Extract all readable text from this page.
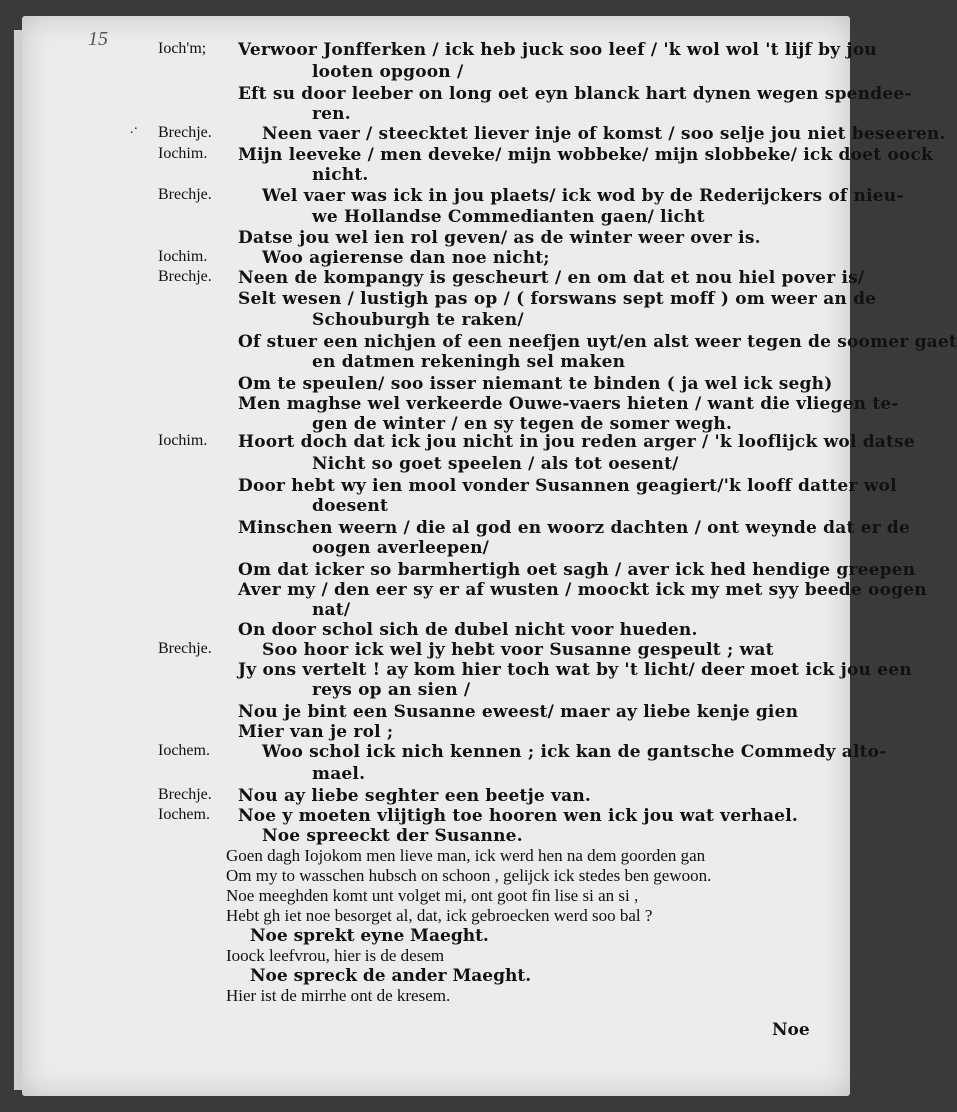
15
.·
Ioch'm;
Brechje.
Iochim.
Brechje.
Iochim.
Brechje.
Iochim.
Brechje.
Iochem.
Brechje.
Iochem.
Verwoor Jonfferken / ick heb juck soo leef / 'k wol wol 't lijf by jou
looten opgoon /
Eft su door leeber on long oet eyn blanck hart dynen wegen spendee-
ren.
Neen vaer / steecktet liever inje of komst / soo selje jou niet beseeren.
Mijn leeveke / men deveke/ mijn wobbeke/ mijn slobbeke/ ick doet oock
nicht.
Wel vaer was ick in jou plaets/ ick wod by de Rederijckers of nieu-
we Hollandse Commedianten gaen/ licht
Datse jou wel ien rol geven/ as de winter weer over is.
Woo agierense dan noe nicht;
Neen de kompangy is gescheurt / en om dat et nou hiel pover is/
Selt wesen / lustigh pas op / ( forswans sept moff ) om weer an de
Schouburgh te raken/
Of stuer een nichjen of een neefjen uyt/en alst weer tegen de soomer gaet
en datmen rekeningh sel maken
Om te speulen/ soo isser niemant te binden ( ja wel ick segh)
Men maghse wel verkeerde Ouwe-vaers hieten / want die vliegen te-
gen de winter / en sy tegen de somer wegh.
Hoort doch dat ick jou nicht in jou reden arger / 'k looflijck wol datse
Nicht so goet speelen / als tot oesent/
Door hebt wy ien mool vonder Susannen geagiert/'k looff datter wol
doesent
Minschen weern / die al god en woorz dachten / ont weynde dat er de
oogen averleepen/
Om dat icker so barmhertigh oet sagh / aver ick hed hendige greepen
Aver my / den eer sy er af wusten / moockt ick my met syy beede oogen
nat/
On door schol sich de dubel nicht voor hueden.
Soo hoor ick wel jy hebt voor Susanne gespeult ; wat
Jy ons vertelt ! ay kom hier toch wat by 't licht/ deer moet ick jou een
reys op an sien /
Nou je bint een Susanne eweest/ maer ay liebe kenje gien
Mier van je rol ;
Woo schol ick nich kennen ; ick kan de gantsche Commedy alto-
mael.
Nou ay liebe seghter een beetje van.
Noe y moeten vlijtigh toe hooren wen ick jou wat verhael.
Noe spreeckt der Susanne.
Goen dagh Iojokom men lieve man, ick werd hen na dem goorden gan
Om my to wasschen hubsch on schoon , gelijck ick stedes ben gewoon.
Noe meeghden komt unt volget mi, ont goot fin lise si an si ,
Hebt gh iet noe besorget al, dat, ick gebroecken werd soo bal ?
Noe sprekt eyne Maeght.
Ioock leefvrou, hier is de desem
Noe spreck de ander Maeght.
Hier ist de mirrhe ont de kresem.
Noe
